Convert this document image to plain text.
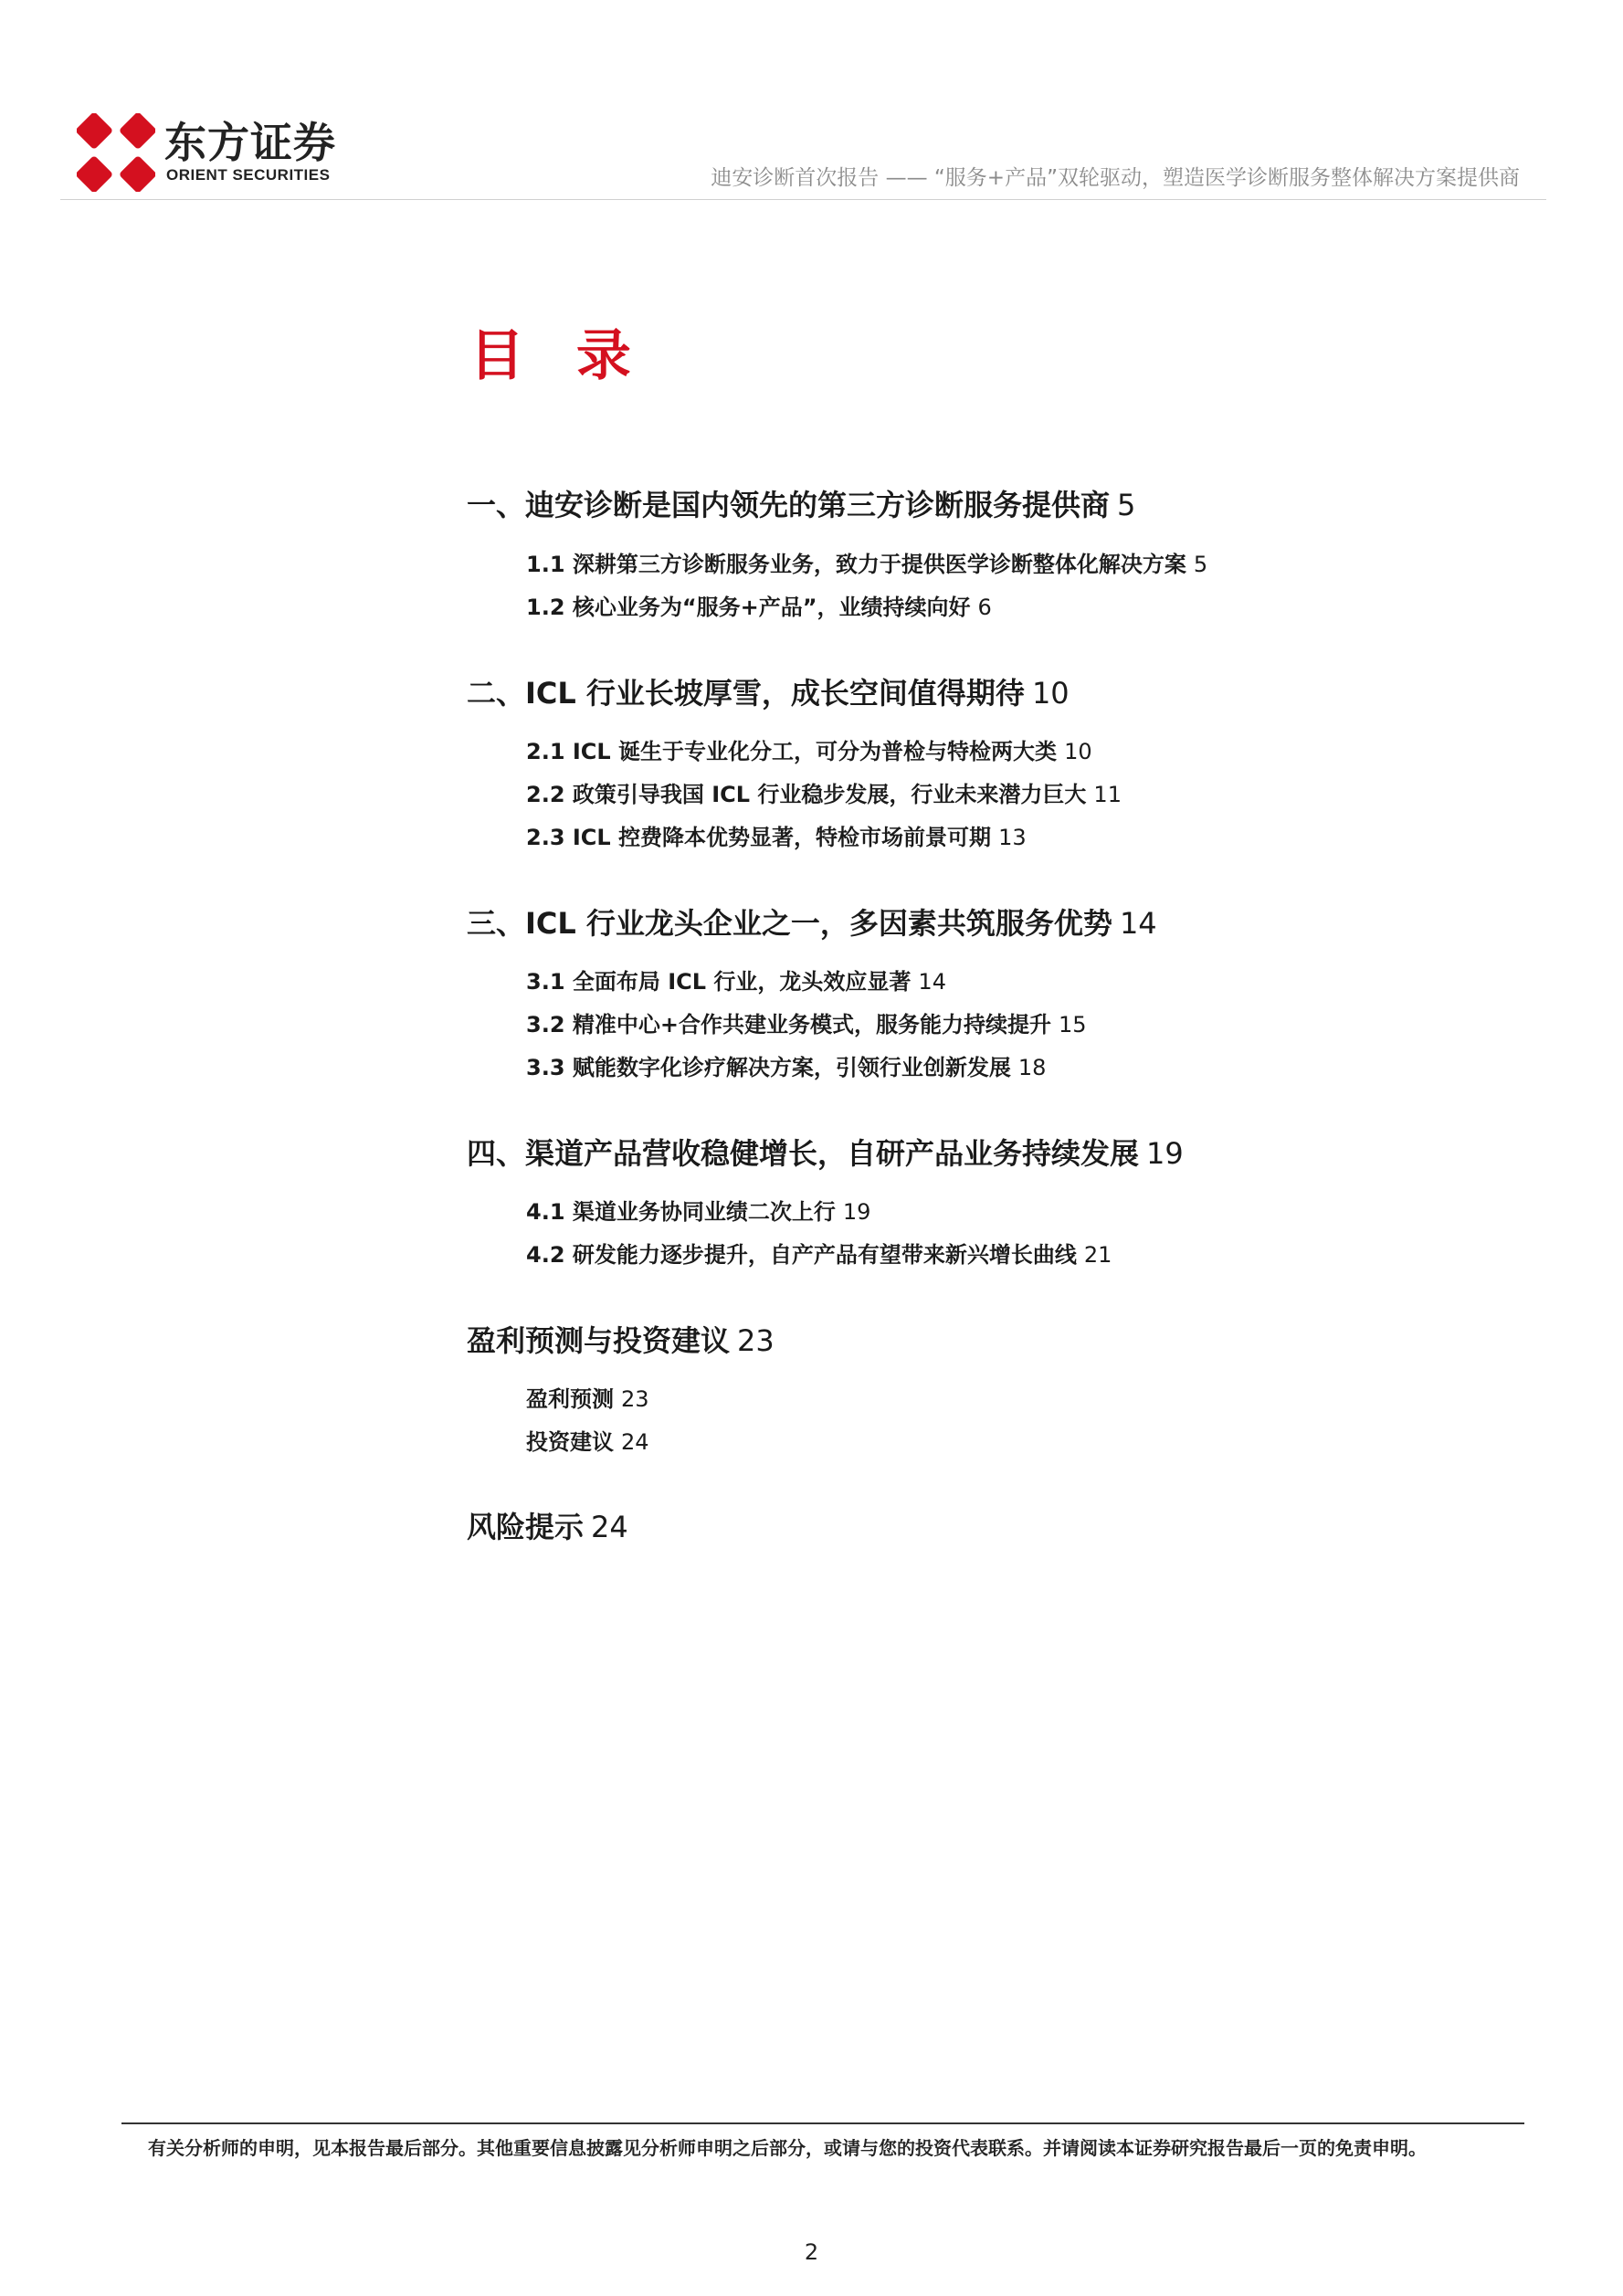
东方证券
ORIENT SECURITIES	迪安诊断首次报告 —— “服务+产品”双轮驱动，塑造医学诊断服务整体解决方案提供商
目 录
一、迪安诊断是国内领先的第三方诊断服务提供商 5
1.1 深耕第三方诊断服务业务，致力于提供医学诊断整体化解决方案 5
1.2 核心业务为“服务+产品”，业绩持续向好 6
二、ICL 行业长坡厚雪，成长空间值得期待 10
2.1 ICL 诞生于专业化分工，可分为普检与特检两大类 10
2.2 政策引导我国 ICL 行业稳步发展，行业未来潜力巨大 11
2.3 ICL 控费降本优势显著，特检市场前景可期 13
三、ICL 行业龙头企业之一，多因素共筑服务优势 14
3.1 全面布局 ICL 行业，龙头效应显著 14
3.2 精准中心+合作共建业务模式，服务能力持续提升 15
3.3 赋能数字化诊疗解决方案，引领行业创新发展 18
四、渠道产品营收稳健增长，自研产品业务持续发展 19
4.1 渠道业务协同业绩二次上行 19
4.2 研发能力逐步提升，自产产品有望带来新兴增长曲线 21
盈利预测与投资建议 23
盈利预测 23
投资建议 24
风险提示 24
有关分析师的申明，见本报告最后部分。其他重要信息披露见分析师申明之后部分，或请与您的投资代表联系。并请阅读本证券研究报告最后一页的免责申明。
2
